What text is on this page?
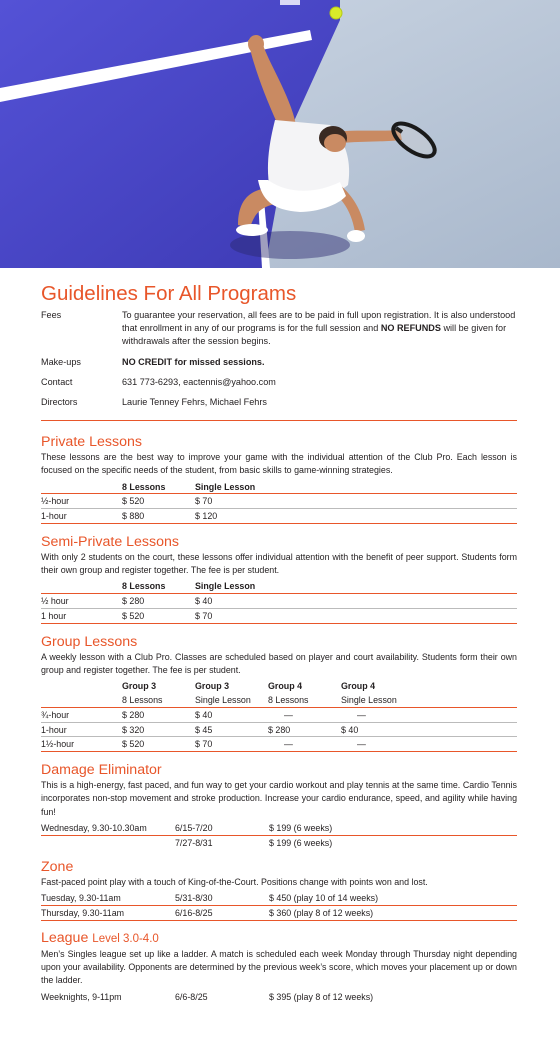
Guidelines For All Programs
Fees	To guarantee your reservation, all fees are to be paid in full upon registration. It is also understood that enrollment in any of our programs is for the full session and NO REFUNDS will be given for withdrawals after the session begins.
Make-ups	NO CREDIT for missed sessions.
Contact	631 773-6293, eactennis@yahoo.com
Directors	Laurie Tenney Fehrs, Michael Fehrs
Private Lessons

These lessons are the best way to improve your game with the individual attention of the Club Pro. Each lesson is focused on the specific needs of the student, from basic skills to game-winning strategies.

	8 Lessons	Single Lesson	
½-hour	$ 520	$ 70	
1-hour	$ 880	$ 120	
Semi-Private Lessons

With only 2 students on the court, these lessons offer individual attention with the benefit of peer support. Students form their own group and register together. The fee is per student.

	8 Lessons	Single Lesson	
½ hour	$ 280	$ 40	
1 hour	$ 520	$ 70	
Group Lessons

A weekly lesson with a Club Pro. Classes are scheduled based on player and court availability. Students form their own group and register together. The fee is per student.

	Group 3	Group 3	Group 4	Group 4
	8 Lessons	Single Lesson	8 Lessons	Single Lesson
¾-hour	$ 280	$ 40	—	—
1-hour	$ 320	$ 45	$ 280	$ 40
1½-hour	$ 520	$ 70	—	—
Damage Eliminator

This is a high-energy, fast paced, and fun way to get your cardio workout and play tennis at the same time. Cardio Tennis incorporates non-stop movement and stroke production. Increase your cardio endurance, speed, and agility while having fun!

Wednesday, 9.30-10.30am	6/15-7/20	$ 199 (6 weeks)
	7/27-8/31	$ 199 (6 weeks)
Zone

Fast-paced point play with a touch of King-of-the-Court. Positions change with points won and lost.

Tuesday, 9.30-11am	5/31-8/30	$ 450 (play 10 of 14 weeks)
Thursday, 9.30-11am	6/16-8/25	$ 360 (play 8 of 12 weeks)
League Level 3.0-4.0

Men’s Singles league set up like a ladder. A match is scheduled each week Monday through Thursday night depending upon your availability. Opponents are determined by the previous week’s score, which moves your placement up or down the ladder.

Weeknights, 9-11pm	6/6-8/25	$ 395 (play 8 of 12 weeks)
